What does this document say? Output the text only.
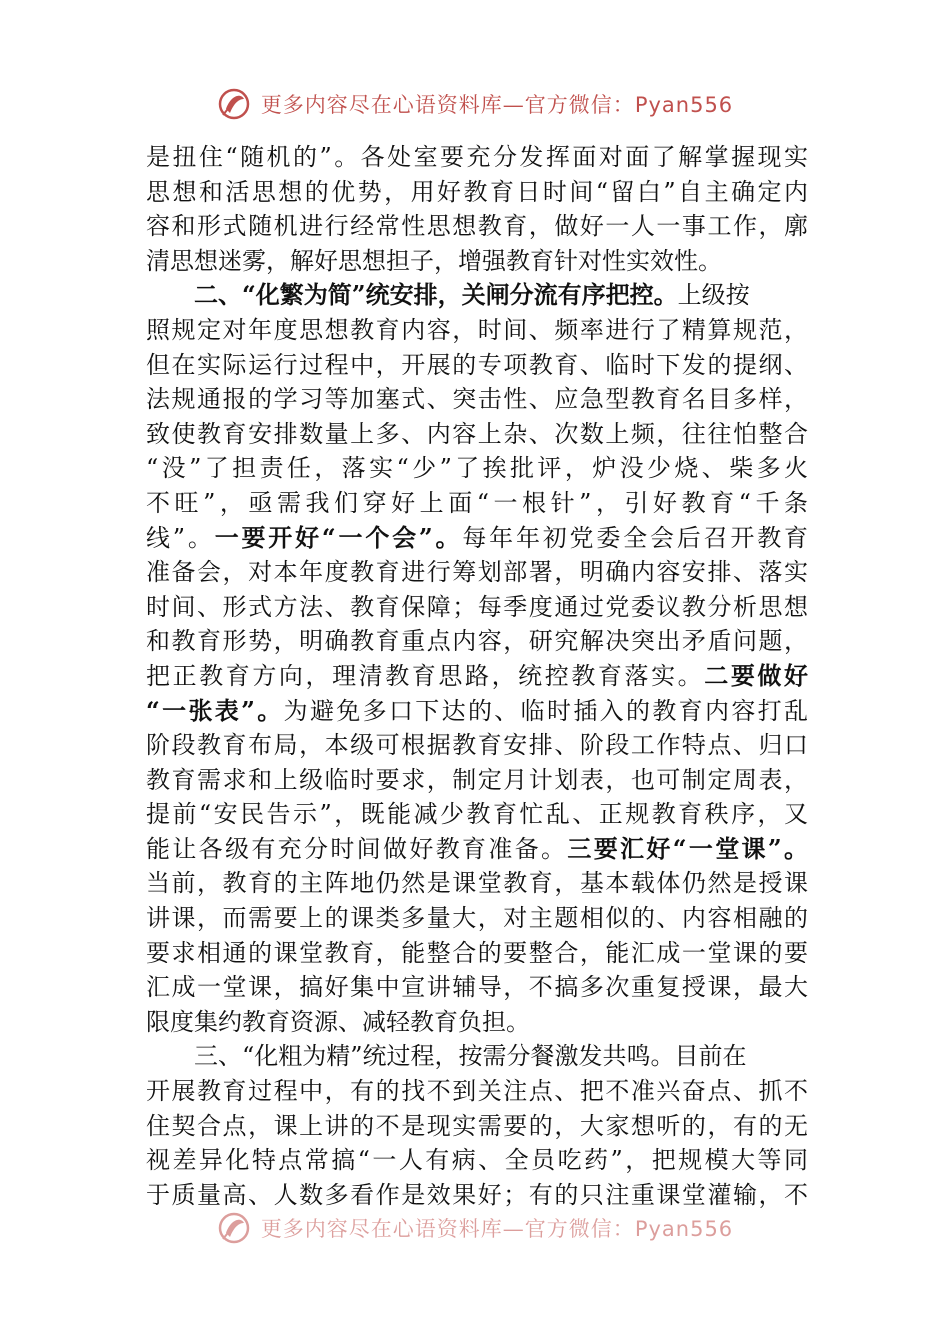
更多内容尽在心语资料库—官方微信：Pyan556
是扭住“随机的”。各处室要充分发挥面对面了解掌握现实
思想和活思想的优势，用好教育日时间“留白”自主确定内
容和形式随机进行经常性思想教育，做好一人一事工作，廓
清思想迷雾，解好思想担子，增强教育针对性实效性。
二、“化繁为简”统安排，关闸分流有序把控。 上级按
照规定对年度思想教育内容，时间、频率进行了精算规范，
但在实际运行过程中，开展的专项教育、临时下发的提纲、
法规通报的学习等加塞式、突击性、应急型教育名目多样，
致使教育安排数量上多、内容上杂、次数上频，往往怕整合
“没”了担责任，落实“少”了挨批评，炉没少烧、柴多火
不旺”，亟需我们穿好上面“一根针”，引好教育“千条
线”。一要开好“一个会”。每年年初党委全会后召开教育
准备会，对本年度教育进行筹划部署，明确内容安排、落实
时间、形式方法、教育保障；每季度通过党委议教分析思想
和教育形势，明确教育重点内容，研究解决突出矛盾问题，
把正教育方向，理清教育思路，统控教育落实。二要做好
“一张表”。为避免多口下达的、临时插入的教育内容打乱
阶段教育布局，本级可根据教育安排、阶段工作特点、归口
教育需求和上级临时要求，制定月计划表，也可制定周表，
提前“安民告示”，既能减少教育忙乱、正规教育秩序，又
能让各级有充分时间做好教育准备。三要汇好“一堂课”。
当前，教育的主阵地仍然是课堂教育，基本载体仍然是授课
讲课，而需要上的课类多量大，对主题相似的、内容相融的
要求相通的课堂教育，能整合的要整合，能汇成一堂课的要
汇成一堂课，搞好集中宣讲辅导，不搞多次重复授课，最大
限度集约教育资源、减轻教育负担。
三、“化粗为精”统过程，按需分餐激发共鸣。目前在
开展教育过程中，有的找不到关注点、把不准兴奋点、抓不
住契合点，课上讲的不是现实需要的，大家想听的，有的无
视差异化特点常搞“一人有病、全员吃药”，把规模大等同
于质量高、人数多看作是效果好；有的只注重课堂灌输，不
更多内容尽在心语资料库—官方微信：Pyan556
